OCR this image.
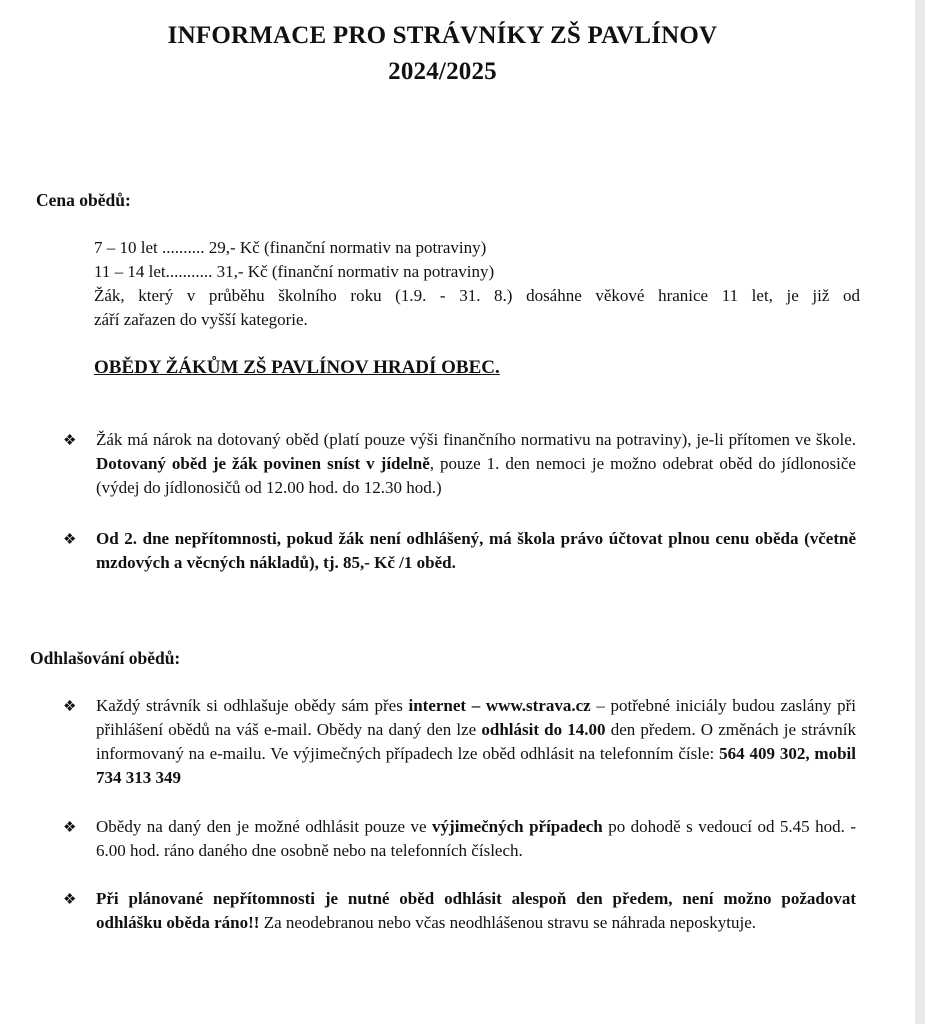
INFORMACE PRO STRÁVNÍKY ZŠ PAVLÍNOV
2024/2025
Cena obědů:
7 – 10 let .......... 29,- Kč (finanční normativ na potraviny)
11 – 14 let........... 31,- Kč (finanční normativ na potraviny)
Žák, který v průběhu školního roku (1.9. - 31. 8.) dosáhne věkové hranice 11 let, je již od
září zařazen do vyšší kategorie.
OBĚDY ŽÁKŮM ZŠ PAVLÍNOV HRADÍ OBEC.
❖ Žák má nárok na dotovaný oběd (platí pouze výši finančního normativu na potraviny), je-li přítomen ve škole. Dotovaný oběd je žák povinen sníst v jídelně, pouze 1. den nemoci je možno odebrat oběd do jídlonosiče (výdej do jídlonosičů od 12.00 hod. do 12.30 hod.)
❖ Od 2. dne nepřítomnosti, pokud žák není odhlášený, má škola právo účtovat plnou cenu oběda (včetně mzdových a věcných nákladů), tj. 85,- Kč /1 oběd.
Odhlašování obědů:
❖ Každý strávník si odhlašuje obědy sám přes internet – www.strava.cz – potřebné iniciály budou zaslány při přihlášení obědů na váš e-mail. Obědy na daný den lze odhlásit do 14.00 den předem. O změnách je strávník informovaný na e-mailu. Ve výjimečných případech lze oběd odhlásit na telefonním čísle: 564 409 302, mobil 734 313 349
❖ Obědy na daný den je možné odhlásit pouze ve výjimečných případech po dohodě s vedoucí od 5.45 hod. - 6.00 hod. ráno daného dne osobně nebo na telefonních číslech.
❖ Při plánované nepřítomnosti je nutné oběd odhlásit alespoň den předem, není možno požadovat odhlášku oběda ráno!! Za neodebranou nebo včas neodhlášenou stravu se náhrada neposkytuje.
